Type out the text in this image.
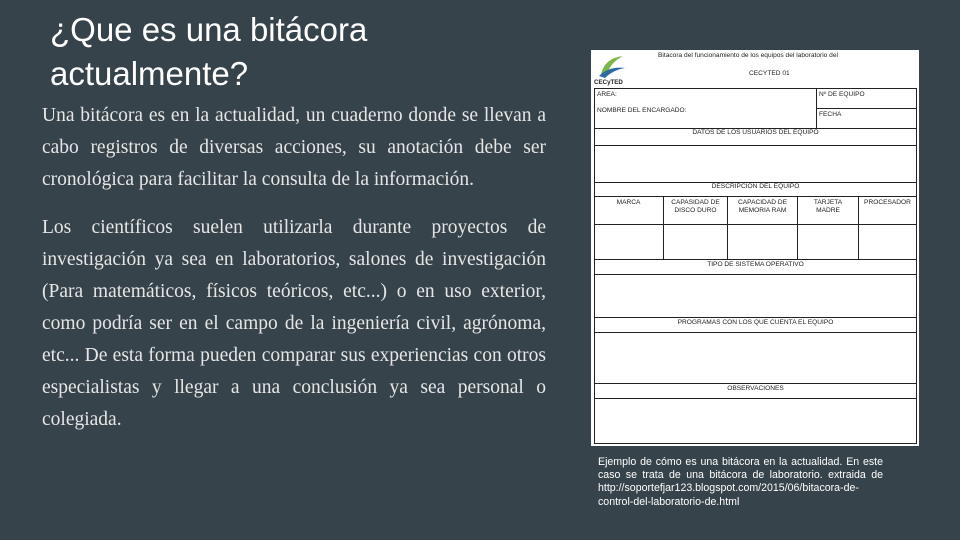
¿Que es una bitácora actualmente?

Una bitácora es en la actualidad, un cuaderno donde se llevan a cabo registros de diversas acciones, su anotación debe ser cronológica para facilitar la consulta de la información.

Los científicos suelen utilizarla durante proyectos de investigación ya sea en laboratorios, salones de investigación (Para matemáticos, físicos teóricos, etc...) o en uso exterior, como podría ser en el campo de la ingeniería civil, agrónoma, etc... De esta forma pueden comparar sus experiencias con otros especialistas y llegar a una conclusión ya sea personal o colegiada.

CECyTED
Bitacora del funcionamiento de los equipos del laboratorio del
CECYTED 01
AREA:
NOMBRE DEL ENCARGADO:
Nº DE EQUIPO
FECHA
DATOS DE LOS USUARIOS DEL EQUIPO
DESCRIPCION DEL EQUIPO
MARCA	CAPASIDAD DE DISCO DURO
CAPACIDAD DE MEMORIA RAM
TARJETA MADRE
PROCESADOR
TIPO DE SISTEMA OPERATIVO
PROGRAMAS CON LOS QUE CUENTA EL EQUIPO
OBSERVACIONES
Ejemplo de cómo es una bitácora en la actualidad. En este caso se trata de una bitácora de laboratorio. extraida de http://soportefjar123.blogspot.com/2015/06/bitacora-de-control-del-laboratorio-de.html
